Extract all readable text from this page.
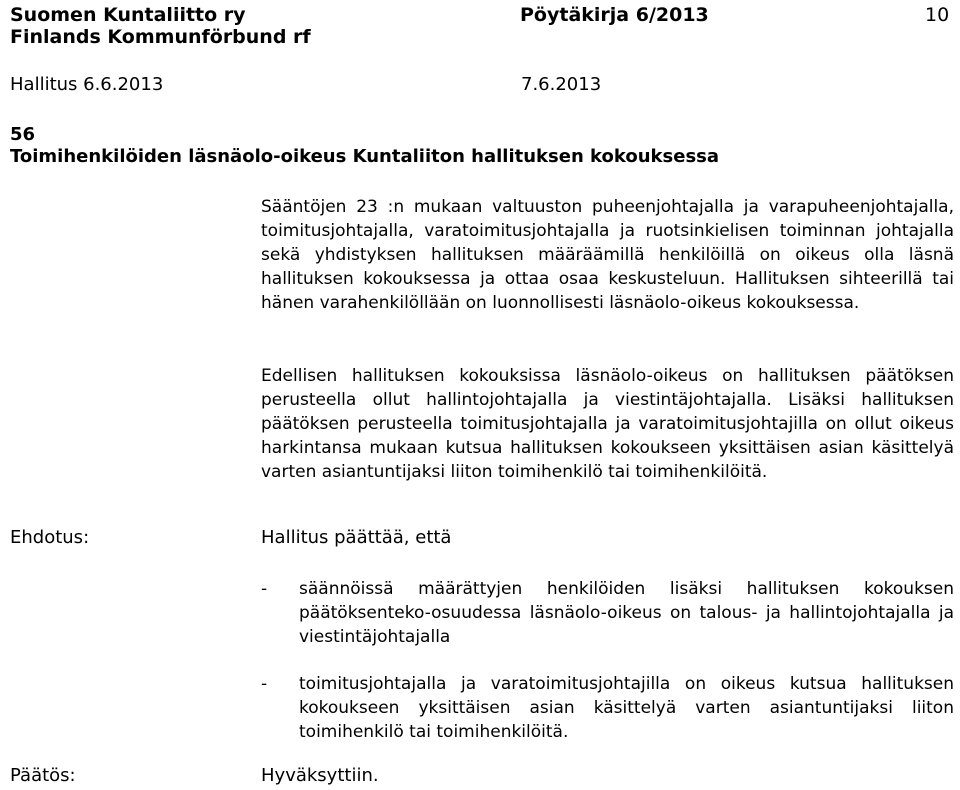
Suomen Kuntaliitto ry
Finlands Kommunförbund rf
Pöytäkirja 6/2013	10
Hallitus 6.6.2013	7.6.2013
56
Toimihenkilöiden läsnäolo-oikeus Kuntaliiton hallituksen kokouksessa

Sääntöjen 23 :n mukaan valtuuston puheenjohtajalla ja varapuheenjohtajalla, toimitusjohtajalla, varatoimitusjohtajalla ja ruotsinkielisen toiminnan johtajalla sekä yhdistyksen hallituksen määräämillä henkilöillä on oikeus olla läsnä hallituksen kokouksessa ja ottaa osaa keskusteluun. Hallituksen sihteerillä tai hänen varahenkilöllään on luonnollisesti läsnäolo-oikeus kokouksessa.

Edellisen hallituksen kokouksissa läsnäolo-oikeus on hallituksen päätöksen perusteella ollut hallintojohtajalla ja viestintäjohtajalla. Lisäksi hallituksen päätöksen perusteella toimitusjohtajalla ja varatoimitusjohtajilla on ollut oikeus harkintansa mukaan kutsua hallituksen kokoukseen yksittäisen asian käsittelyä varten asiantuntijaksi liiton toimihenkilö tai toimihenkilöitä.

Ehdotus:	Hallitus päättää, että
- säännöissä määrättyjen henkilöiden lisäksi hallituksen kokouksen päätöksenteko-osuudessa läsnäolo-oikeus on talous- ja hallintojohtajalla ja viestintäjohtajalla
- toimitusjohtajalla ja varatoimitusjohtajilla on oikeus kutsua hallituksen kokoukseen yksittäisen asian käsittelyä varten asiantuntijaksi liiton toimihenkilö tai toimihenkilöitä.
Päätös:	Hyväksyttiin.
